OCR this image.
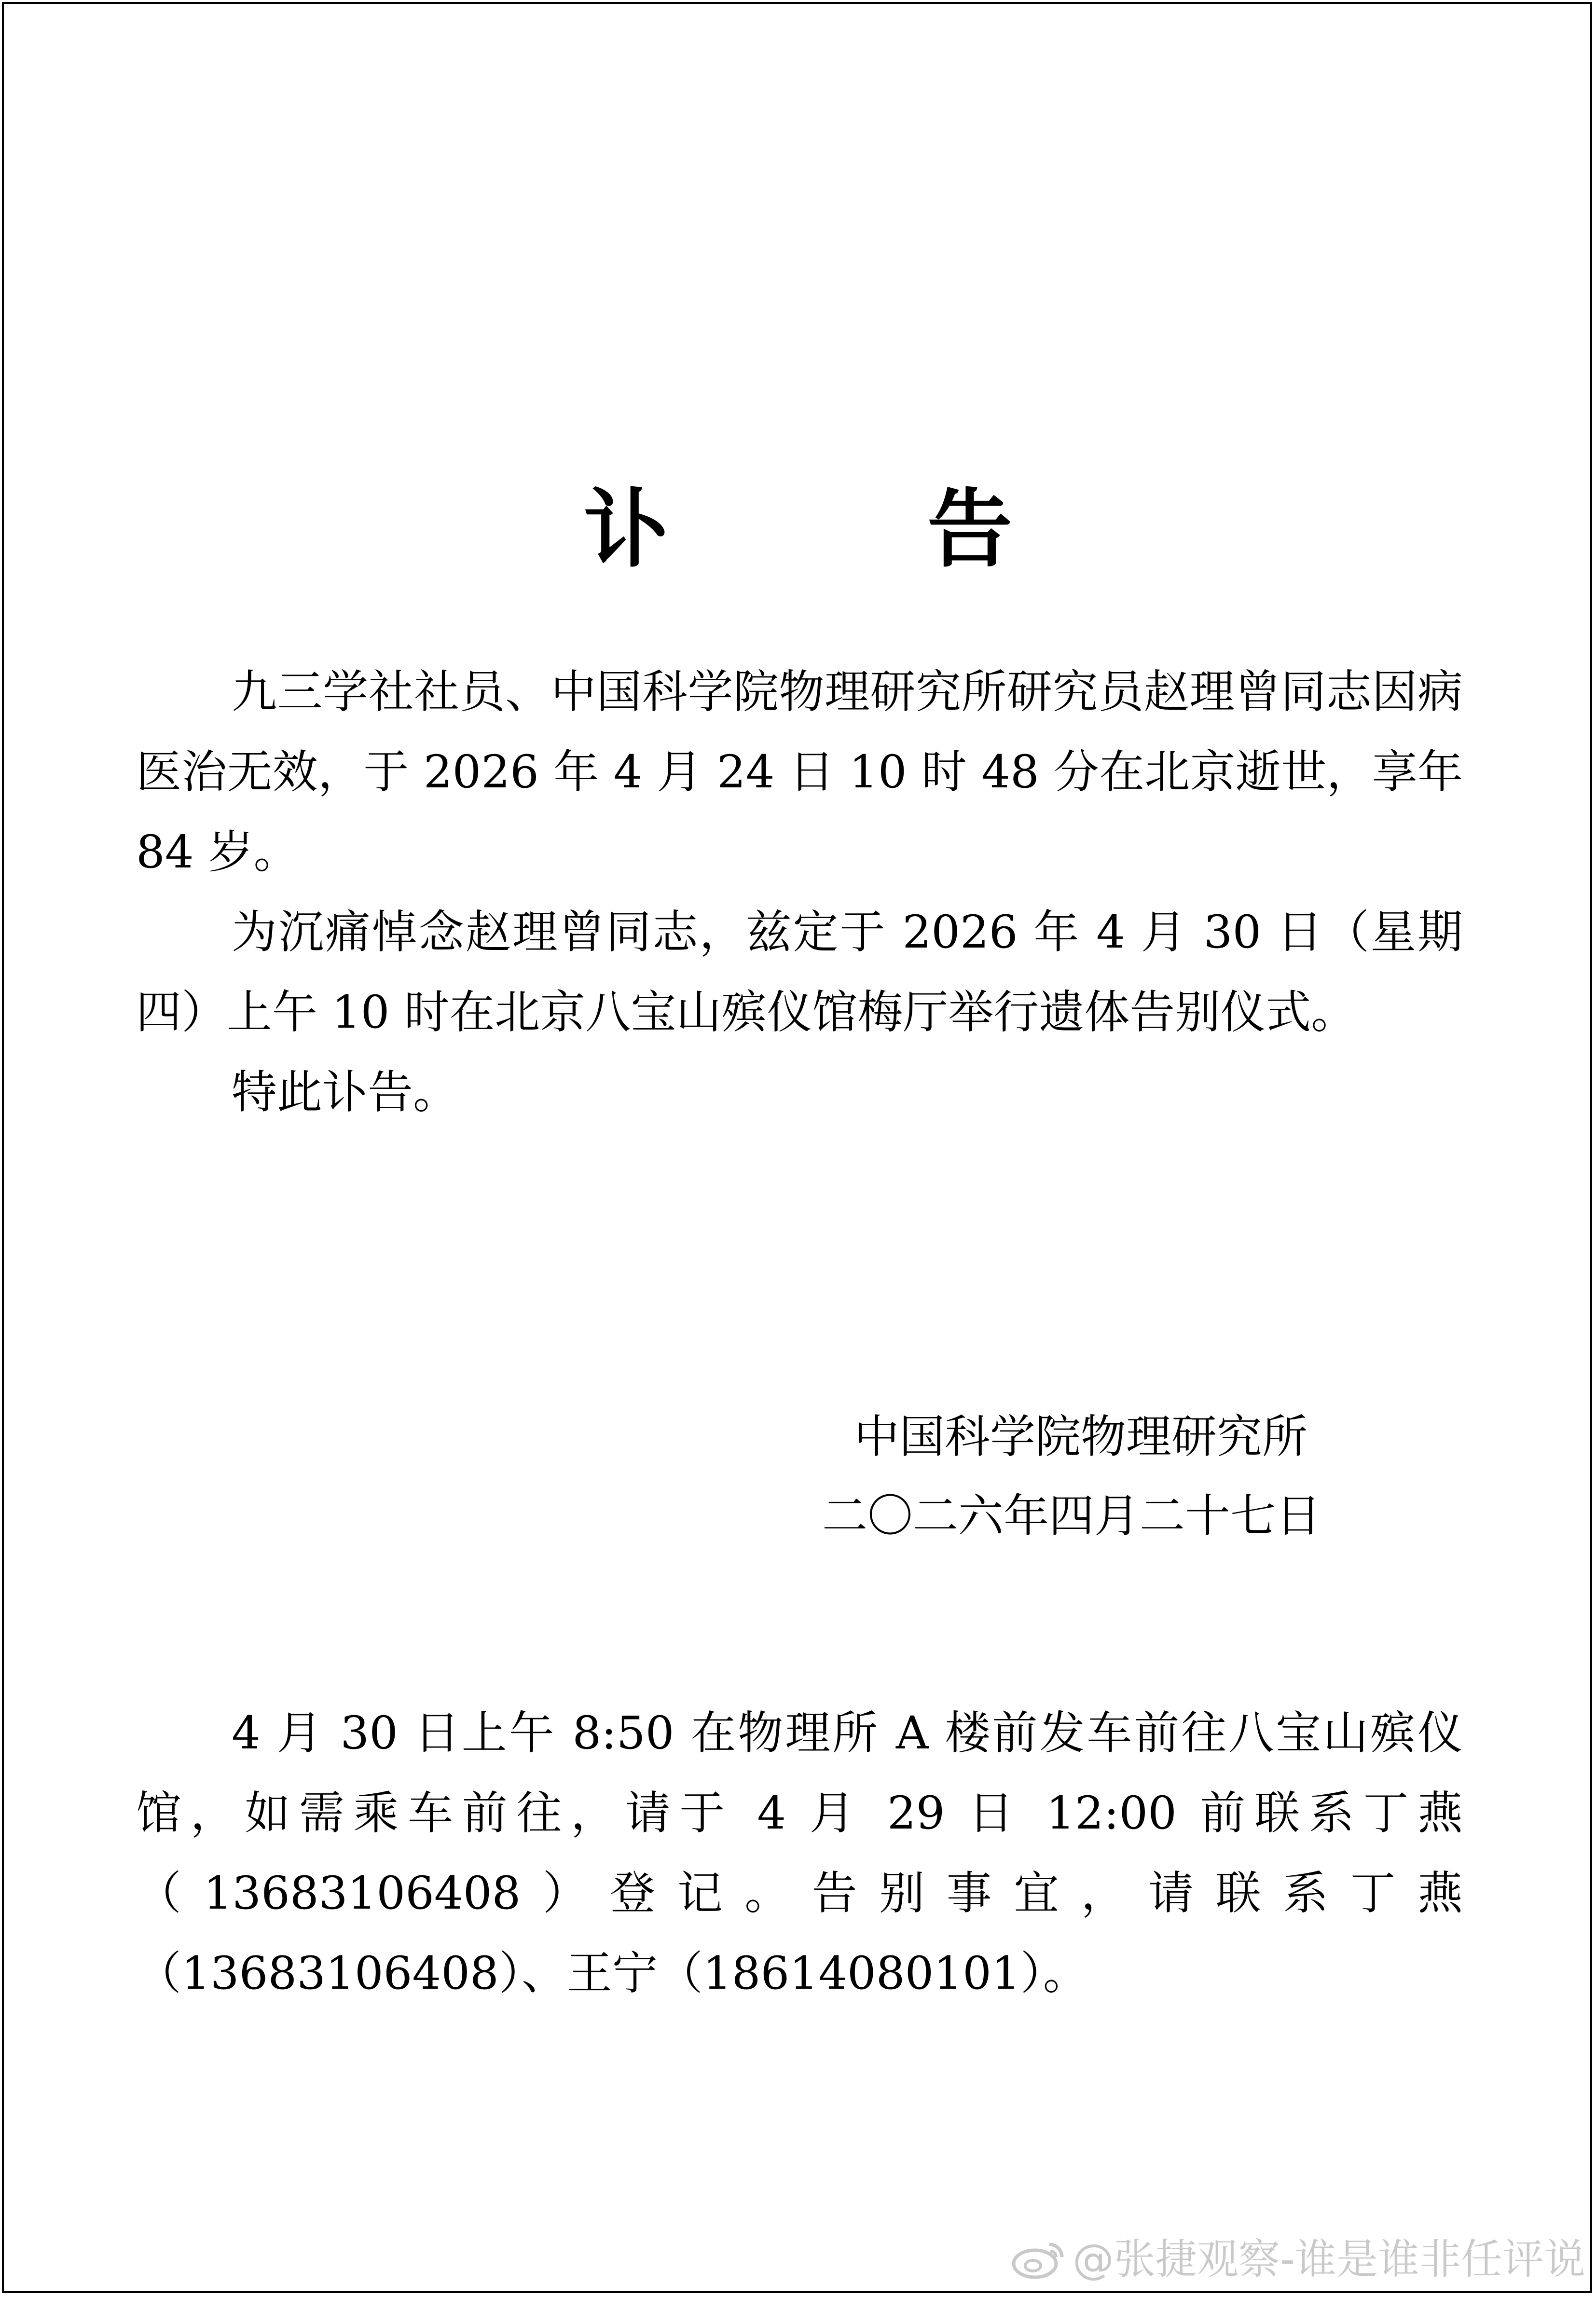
讣　告

九三学社社员、中国科学院物理研究所研究员赵理曾同志因病医治无效，于 2026 年 4 月 24 日 10 时 48 分在北京逝世，享年 84 岁。

为沉痛悼念赵理曾同志，兹定于 2026 年 4 月 30 日（星期四）上午 10 时在北京八宝山殡仪馆梅厅举行遗体告别仪式。

特此讣告。

中国科学院物理研究所
二〇二六年四月二十七日

4 月 30 日上午 8:50 在物理所 A 楼前发车前往八宝山殡仪馆，如需乘车前往，请于 4 月 29 日 12:00 前联系丁燕（13683106408）登记。告别事宜，请联系丁燕（13683106408）、王宁（18614080101）。

@张捷观察-谁是谁非任评说
